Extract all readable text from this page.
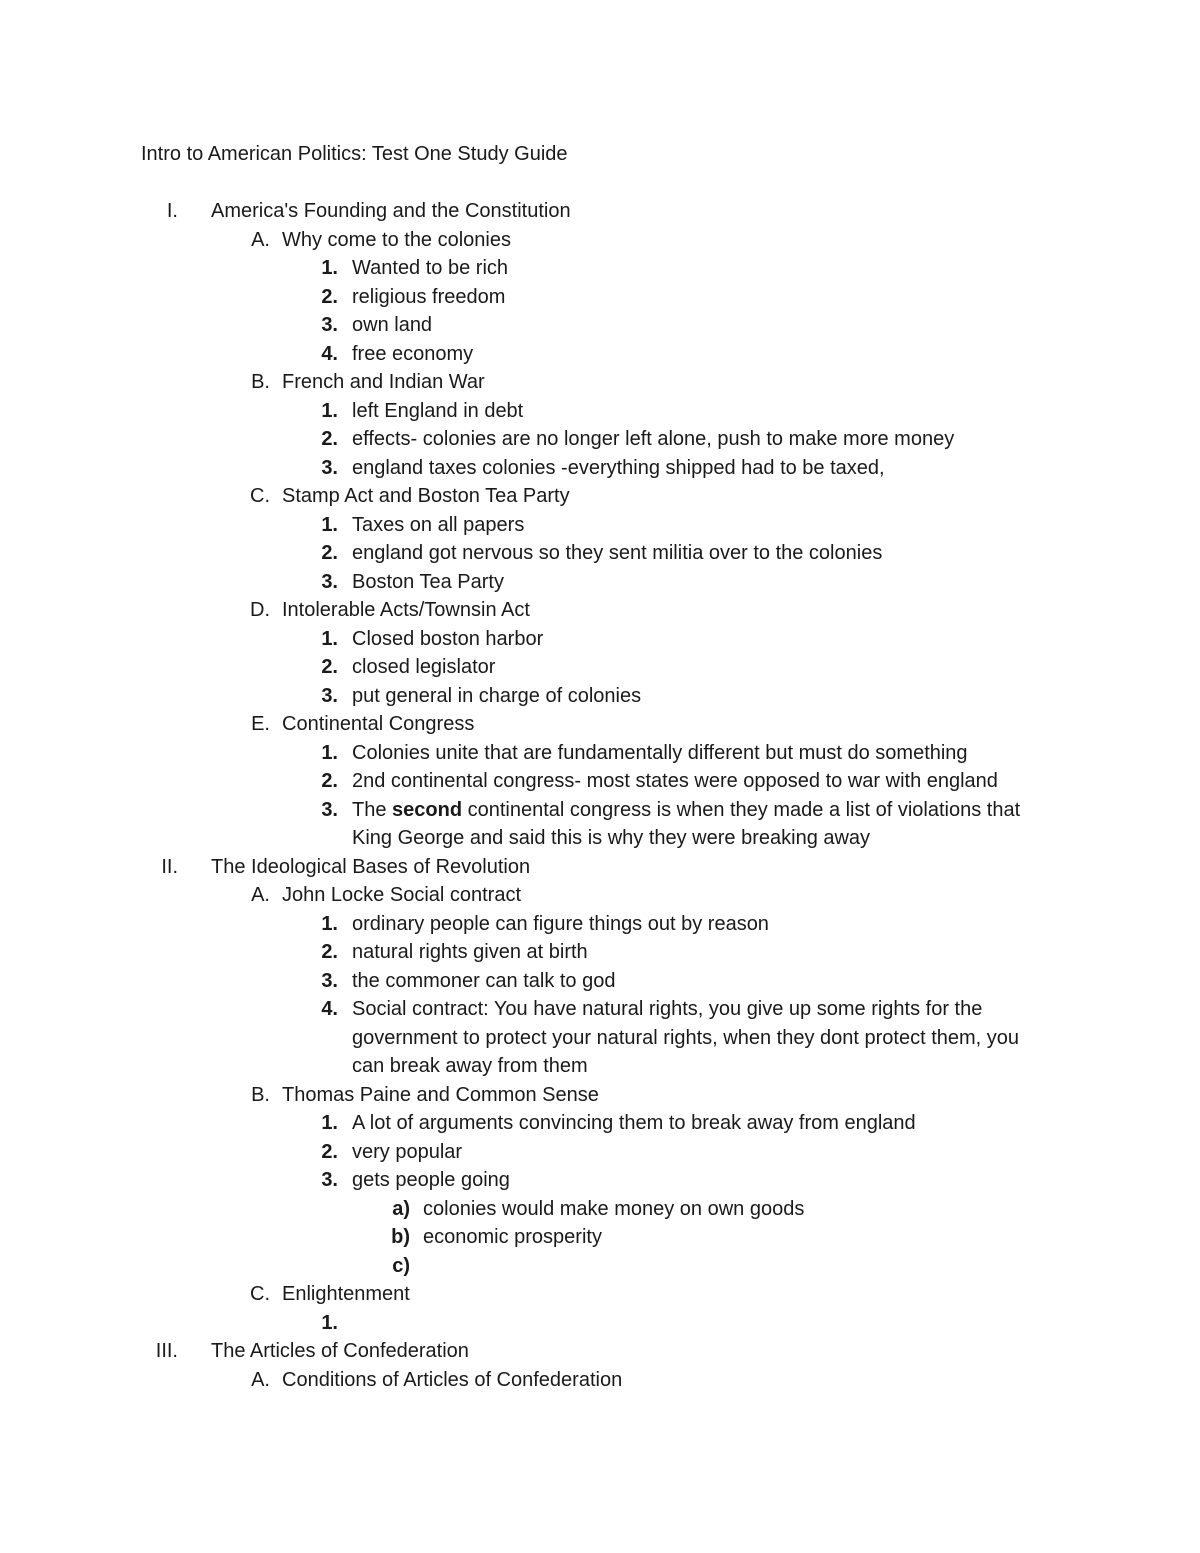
Intro to American Politics: Test One Study Guide
I. America's Founding and the Constitution
A. Why come to the colonies
1. Wanted to be rich
2. religious freedom
3. own land
4. free economy
B. French and Indian War
1. left England in debt
2. effects- colonies are no longer left alone, push to make more money
3. england taxes colonies -everything shipped had to be taxed,
C. Stamp Act and Boston Tea Party
1. Taxes on all papers
2. england got nervous so they sent militia over to the colonies
3. Boston Tea Party
D. Intolerable Acts/Townsin Act
1. Closed boston harbor
2. closed legislator
3. put general in charge of colonies
E. Continental Congress
1. Colonies unite that are fundamentally different but must do something
2. 2nd continental congress- most states were opposed to war with england
3. The second continental congress is when they made a list of violations that King George and said this is why they were breaking away
II. The Ideological Bases of Revolution
A. John Locke Social contract
1. ordinary people can figure things out by reason
2. natural rights given at birth
3. the commoner can talk to god
4. Social contract: You have natural rights, you give up some rights for the government to protect your natural rights, when they dont protect them, you can break away from them
B. Thomas Paine and Common Sense
1. A lot of arguments convincing them to break away from england
2. very popular
3. gets people going
a) colonies would make money on own goods
b) economic prosperity
c)
C. Enlightenment
1.
III. The Articles of Confederation
A. Conditions of Articles of Confederation
